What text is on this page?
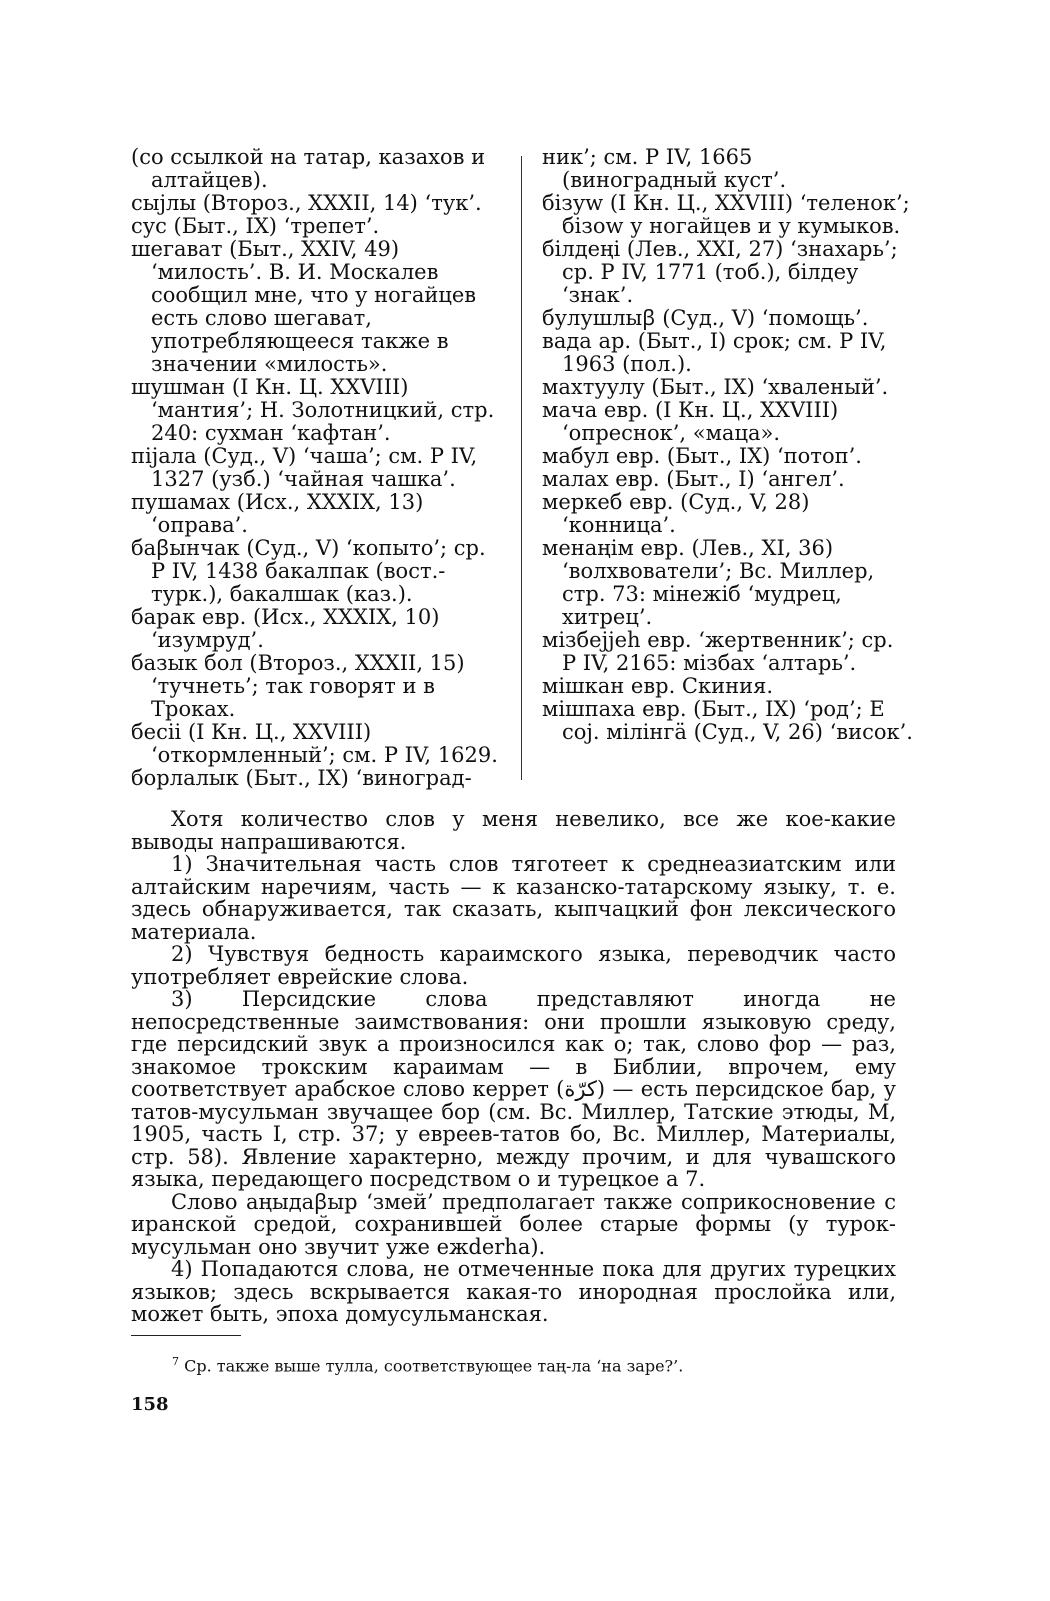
(со ссылкой на татар, казахов и алтайцев).
сыјлы (Второз., XXXII, 14) ‘тук’.
сус (Быт., IX) ‘трепет’.
шегават (Быт., XXIV, 49) ‘милость’. В. И. Москалев сообщил мне, что у ногайцев есть слово шегават, употребляющееся также в значении «милость».
шушман (I Кн. Ц. XXVIII) ‘мантия’; Н. Золотницкий, стр. 240: сухман ‘кафтан’.
пiјала (Суд., V) ‘чаша’; см. Р IV, 1327 (узб.) ‘чайная чашка’.
пушамах (Исх., XXXIX, 13) ‘оправа’.
баꞵынчак (Суд., V) ‘копыто’; ср. Р IV, 1438 бакалпак (вост.-турк.), бакалшак (каз.).
барак евр. (Исх., XXXIX, 10) ‘изумруд’.
базык бол (Второз., XXXII, 15) ‘тучнеть’; так говорят и в Троках.
бесiі (I Кн. Ц., XXVIII) ‘откормленный’; см. Р IV, 1629.
борлалык (Быт., IX) ‘виноград-
ник’; см. Р IV, 1665 (виноградный куст’.
бiзуw (I Кн. Ц., XXVIII) ‘теленок’; бiзоw у ногайцев и у кумыков.
бiлдеңi (Лев., XXI, 27) ‘знахарь’; ср. Р IV, 1771 (тоб.), бiлдеу ‘знак’.
булушлыꞵ (Суд., V) ‘помощь’.
вада ар. (Быт., I) срок; см. Р IV, 1963 (пол.).
махтуулу (Быт., IX) ‘хваленый’.
мача евр. (I Кн. Ц., XXVIII) ‘опреснок’, «маца».
мабул евр. (Быт., IX) ‘потоп’.
малах евр. (Быт., I) ‘ангел’.
меркеб евр. (Суд., V, 28) ‘конница’.
менаңiм евр. (Лев., XI, 36) ‘волхвователи’; Вс. Миллер, стр. 73: мiнежiб ‘мудрец, хитрец’.
мiзбејјеh евр. ‘жертвенник’; ср. Р IV, 2165: мiзбах ‘алтарь’.
мiшкан евр. Скиния.
мiшпаха евр. (Быт., IX) ‘род’; Е соj. мiлiнгä (Суд., V, 26) ‘висок’.

Хотя количество слов у меня невелико, все же кое-какие выводы напрашиваются.

1) Значительная часть слов тяготеет к среднеазиатским или алтайским наречиям, часть — к казанско-татарскому языку, т. е. здесь обнаруживается, так сказать, кыпчацкий фон лексического материала.

2) Чувствуя бедность караимского языка, переводчик часто употребляет еврейские слова.

3) Персидские слова представляют иногда не непосредственные заимствования: они прошли языковую среду, где персидский звук а произносился как о; так, слово фор — раз, знакомое трокским караимам — в Библии, впрочем, ему соответствует арабское слово керрет (كرّة) — есть персидское бар, у татов-мусульман звучащее бор (см. Вс. Миллер, Татские этюды, М, 1905, часть I, стр. 37; у евреев-татов бо, Вс. Миллер, Материалы, стр. 58). Явление характерно, между прочим, и для чувашского языка, передающего посредством о и турецкое а 7.

Слово аңыдаꞵыр ‘змей’ предполагает также соприкосновение с иранской средой, сохранившей более старые формы (у турок-мусульман оно звучит уже ежderha).

4) Попадаются слова, не отмеченные пока для других турецких языков; здесь вскрывается какая-то инородная прослойка или, может быть, эпоха домусульманская.

$^7$ Ср. также выше тулла, соответствующее таң-ла ‘на заре?’.
158
